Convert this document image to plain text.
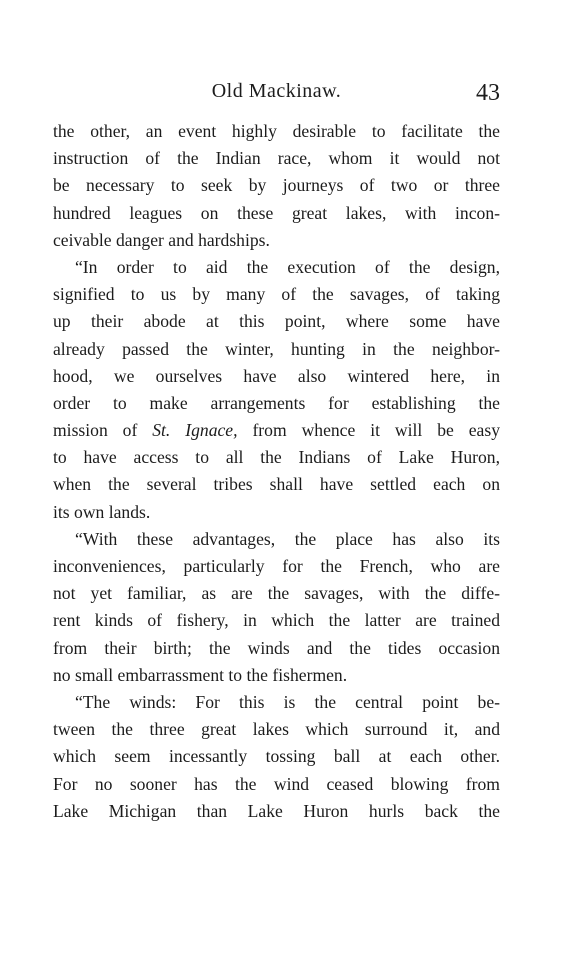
Old Mackinaw.	43
the other, an event highly desirable to facilitate the
instruction of the Indian race, whom it would not
be necessary to seek by journeys of two or three
hundred leagues on these great lakes, with incon-
ceivable danger and hardships.
“In order to aid the execution of the design,
signified to us by many of the savages, of taking
up their abode at this point, where some have
already passed the winter, hunting in the neighbor-
hood, we ourselves have also wintered here, in
order to make arrangements for establishing the
mission of St. Ignace, from whence it will be easy
to have access to all the Indians of Lake Huron,
when the several tribes shall have settled each on
its own lands.
“With these advantages, the place has also its
inconveniences, particularly for the French, who are
not yet familiar, as are the savages, with the diffe-
rent kinds of fishery, in which the latter are trained
from their birth; the winds and the tides occasion
no small embarrassment to the fishermen.
“The winds: For this is the central point be-
tween the three great lakes which surround it, and
which seem incessantly tossing ball at each other.
For no sooner has the wind ceased blowing from
Lake Michigan than Lake Huron hurls back the
